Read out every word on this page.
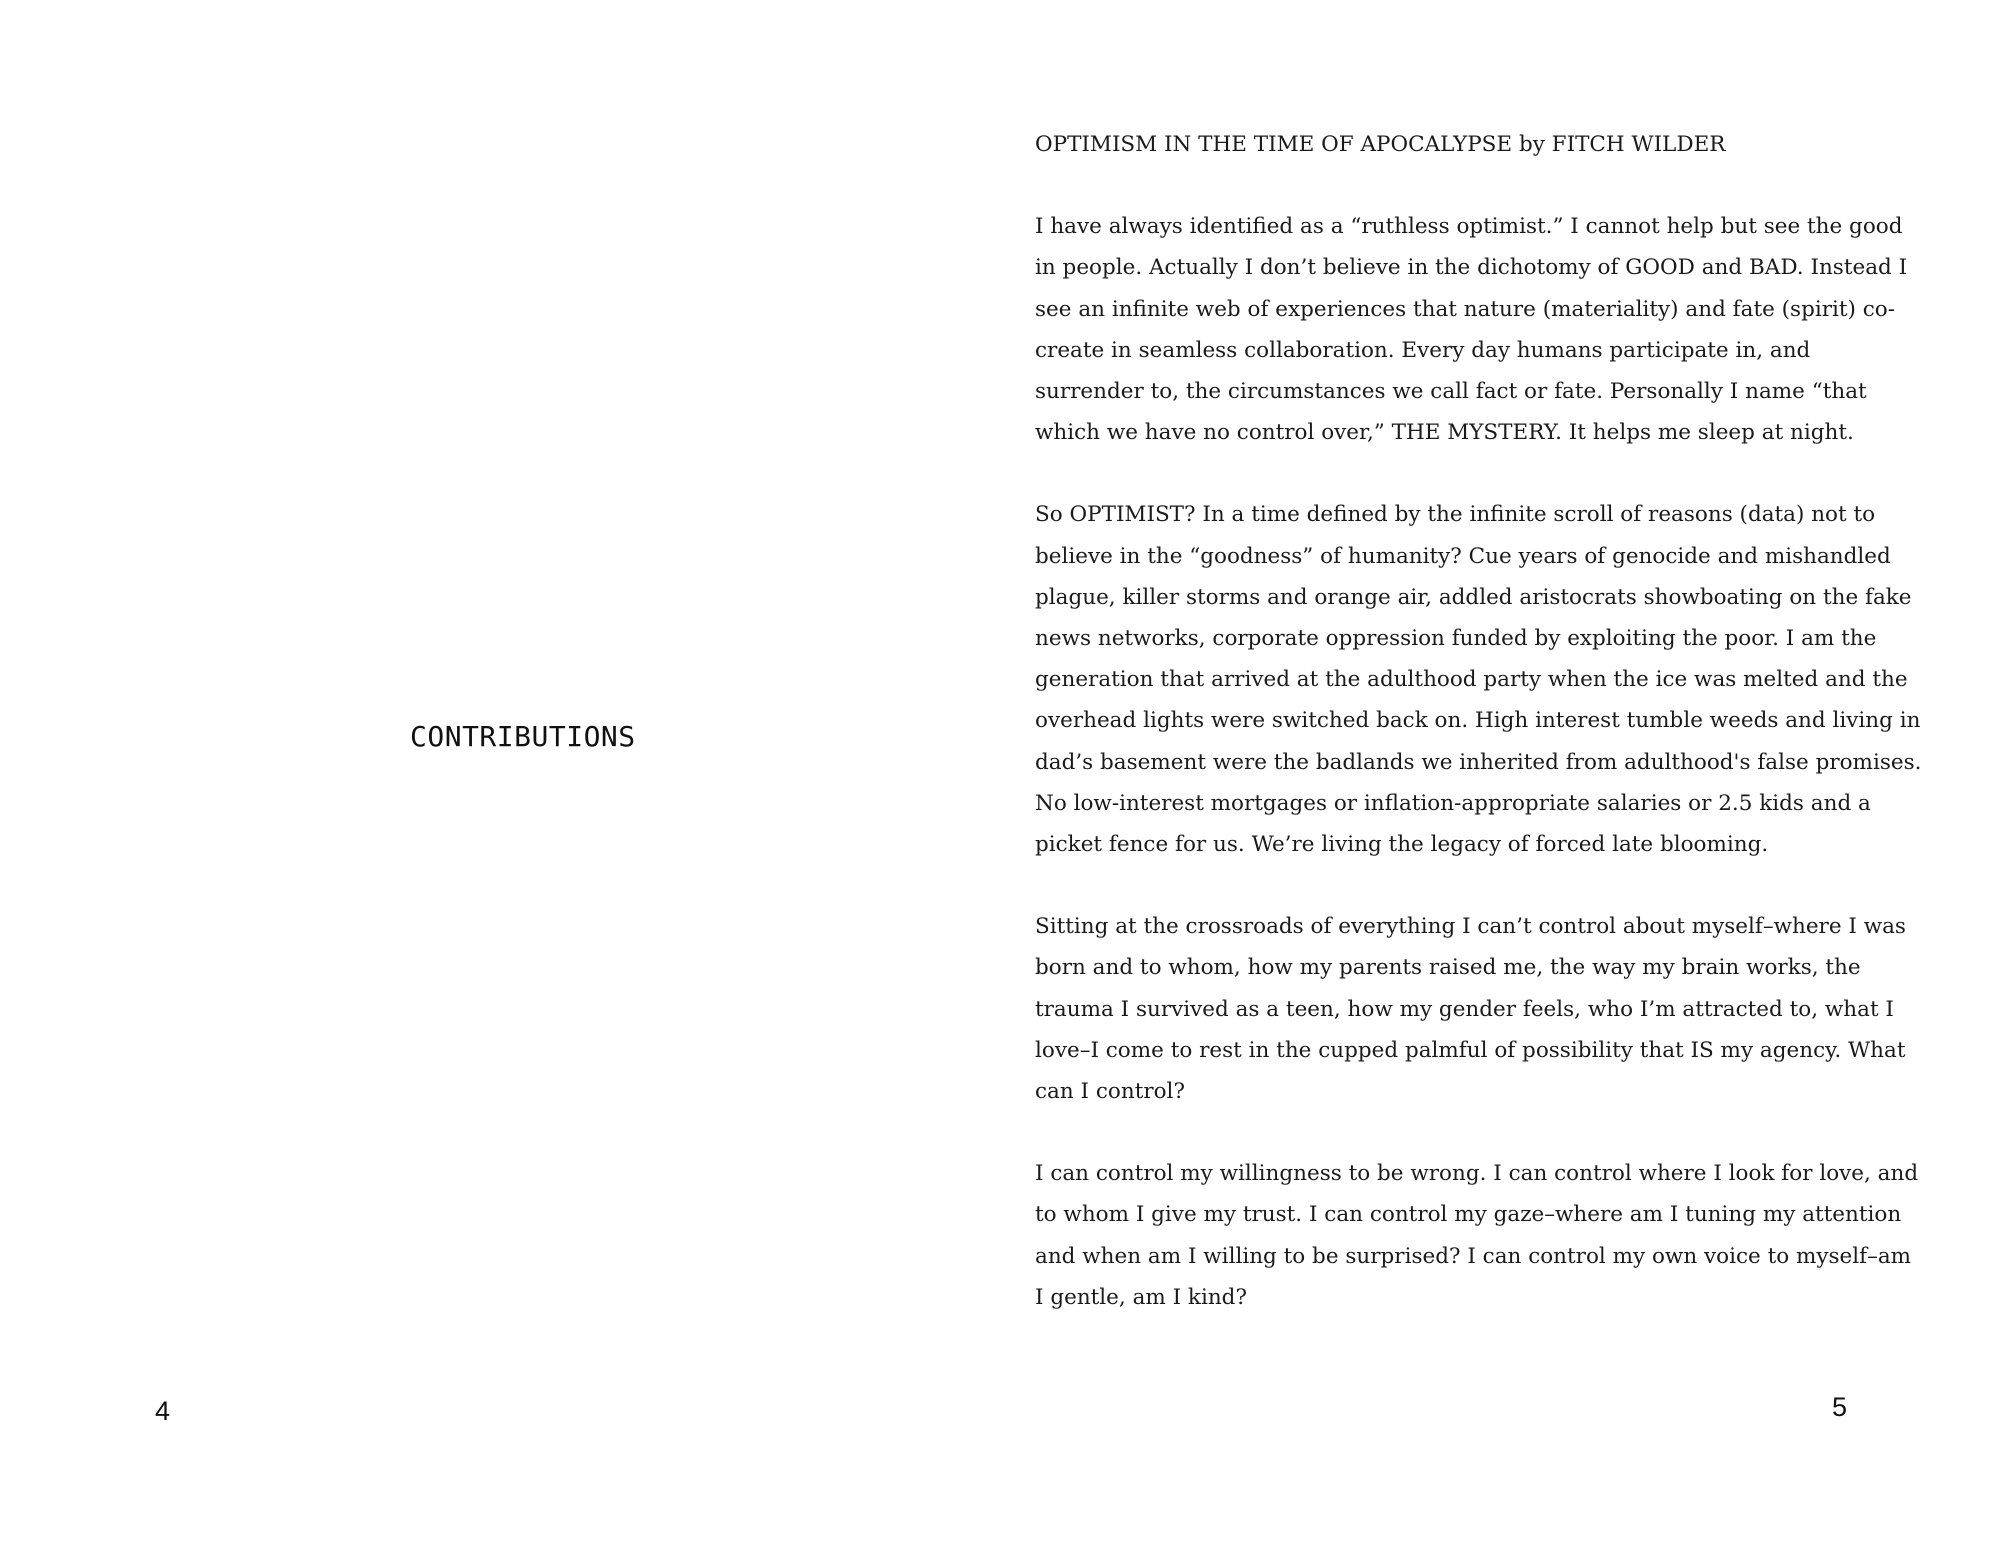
CONTRIBUTIONS
4
OPTIMISM IN THE TIME OF APOCALYPSE by FITCH WILDER

I have always identified as a “ruthless optimist.” I cannot help but see the good in people. Actually I don’t believe in the dichotomy of GOOD and BAD. Instead I see an infinite web of experiences that nature (materiality) and fate (spirit) co-create in seamless collaboration. Every day humans participate in, and surrender to, the circumstances we call fact or fate. Personally I name “that which we have no control over,” THE MYSTERY. It helps me sleep at night.

So OPTIMIST? In a time defined by the infinite scroll of reasons (data) not to believe in the “goodness” of humanity? Cue years of genocide and mishandled plague, killer storms and orange air, addled aristocrats showboating on the fake news networks, corporate oppression funded by exploiting the poor. I am the generation that arrived at the adulthood party when the ice was melted and the overhead lights were switched back on. High interest tumble weeds and living in dad’s basement were the badlands we inherited from adulthood's false promises. No low-interest mortgages or inflation-appropriate salaries or 2.5 kids and a picket fence for us. We’re living the legacy of forced late blooming.

Sitting at the crossroads of everything I can’t control about myself–where I was born and to whom, how my parents raised me, the way my brain works, the trauma I survived as a teen, how my gender feels, who I’m attracted to, what I love–I come to rest in the cupped palmful of possibility that IS my agency. What can I control?

I can control my willingness to be wrong. I can control where I look for love, and to whom I give my trust. I can control my gaze–where am I tuning my attention and when am I willing to be surprised? I can control my own voice to myself–am I gentle, am I kind?

5
